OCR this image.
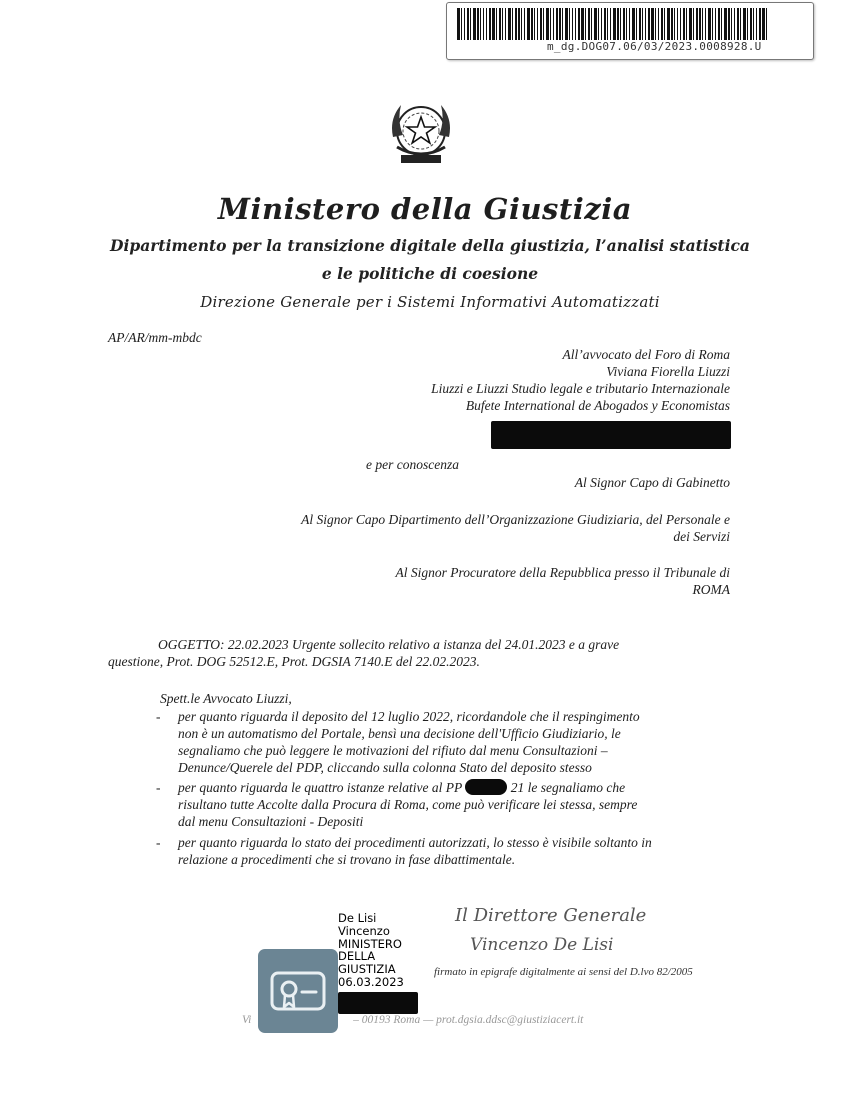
m_dg.DOG07.06/03/2023.0008928.U
Ministero della Giustizia
Dipartimento per la transizione digitale della giustizia, l’analisi statistica
e le politiche di coesione
Direzione Generale per i Sistemi Informativi Automatizzati
AP/AR/mm-mbdc
All’avvocato del Foro di Roma
Viviana Fiorella Liuzzi
Liuzzi e Liuzzi Studio legale e tributario Internazionale
Bufete International de Abogados y Economistas
e per conoscenza
Al Signor Capo di Gabinetto
Al Signor Capo Dipartimento dell’Organizzazione Giudiziaria, del Personale e
dei Servizi
Al Signor Procuratore della Repubblica presso il Tribunale di
ROMA
OGGETTO: 22.02.2023 Urgente sollecito relativo a istanza del 24.01.2023 e a grave
questione, Prot. DOG 52512.E, Prot. DGSIA 7140.E del 22.02.2023.
Spett.le Avvocato Liuzzi,
- per quanto riguarda il deposito del 12 luglio 2022, ricordandole che il respingimento
non è un automatismo del Portale, bensì una decisione dell'Ufficio Giudiziario, le
segnaliamo che può leggere le motivazioni del rifiuto dal menu Consultazioni –
Denunce/Querele del PDP, cliccando sulla colonna Stato del deposito stesso
- per quanto riguarda le quattro istanze relative al PP	21 le segnaliamo che
risultano tutte Accolte dalla Procura di Roma, come può verificare lei stessa, sempre
dal menu Consultazioni - Depositi
- per quanto riguarda lo stato dei procedimenti autorizzati, lo stesso è visibile soltanto in
relazione a procedimenti che si trovano in fase dibattimentale.
De Lisi
Vincenzo
MINISTERO
DELLA
GIUSTIZIA
06.03.2023
Il Direttore Generale
Vincenzo De Lisi
firmato in epigrafe digitalmente ai sensi del D.lvo 82/2005
Vi	– 00193 Roma — prot.dgsia.ddsc@giustiziacert.it
